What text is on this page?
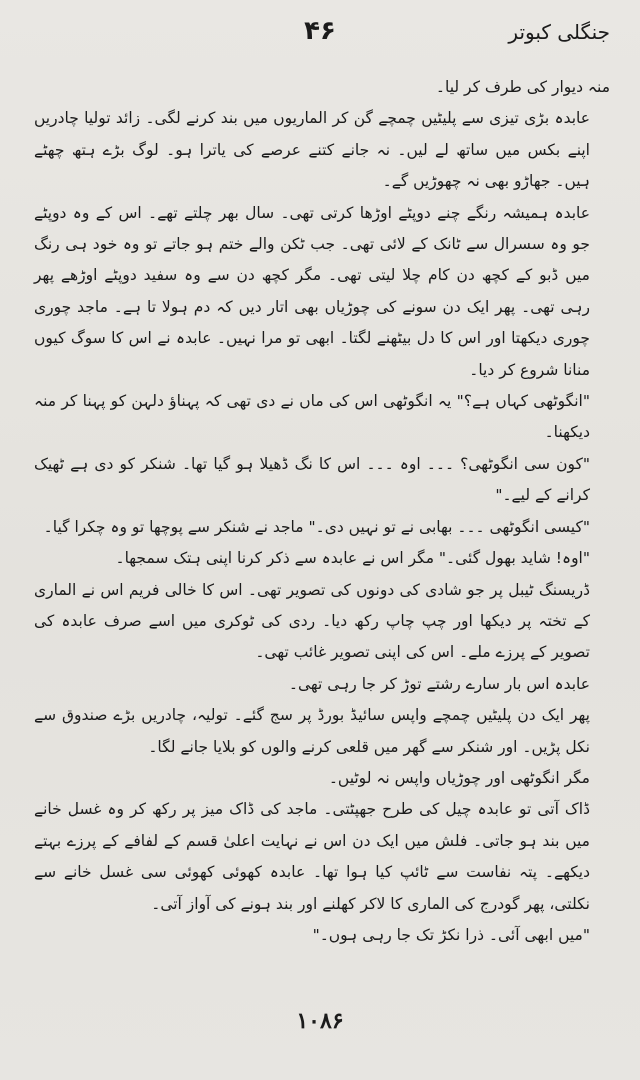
جنگلی کبوتر
۴۶

منہ دیوار کی طرف کر لیا۔

عابدہ بڑی تیزی سے پلیٹیں چمچے گن کر الماریوں میں بند کرنے لگی۔ زائد تولیا چادریں اپنے بکس میں ساتھ لے لیں۔ نہ جانے کتنے عرصے کی یاترا ہو۔ لوگ بڑے ہتھ چھٹے ہیں۔ جھاڑو بھی نہ چھوڑیں گے۔

عابدہ ہمیشہ رنگے چنے دوپٹے اوڑھا کرتی تھی۔ سال بھر چلتے تھے۔ اس کے وہ دوپٹے جو وہ سسرال سے ٹانک کے لائی تھی۔ جب ٹکن والے ختم ہو جاتے تو وہ خود ہی رنگ میں ڈبو کے کچھ دن کام چلا لیتی تھی۔ مگر کچھ دن سے وہ سفید دوپٹے اوڑھے پھر رہی تھی۔ پھر ایک دن سونے کی چوڑیاں بھی اتار دیں کہ دم ہولا تا ہے۔ ماجد چوری چوری دیکھتا اور اس کا دل بیٹھنے لگتا۔ ابھی تو مرا نہیں۔ عابدہ نے اس کا سوگ کیوں منانا شروع کر دیا۔

"انگوٹھی کہاں ہے؟" یہ انگوٹھی اس کی ماں نے دی تھی کہ پہناؤ دلہن کو پہنا کر منہ دیکھنا۔

"کون سی انگوٹھی؟ ۔۔۔ اوہ ۔۔۔ اس کا نگ ڈھیلا ہو گیا تھا۔ شنکر کو دی ہے ٹھیک کرانے کے لیے۔"

"کیسی انگوٹھی ۔۔۔ بھابی نے تو نہیں دی۔" ماجد نے شنکر سے پوچھا تو وہ چکرا گیا۔

"اوہ! شاید بھول گئی۔" مگر اس نے عابدہ سے ذکر کرنا اپنی ہتک سمجھا۔

ڈریسنگ ٹیبل پر جو شادی کی دونوں کی تصویر تھی۔ اس کا خالی فریم اس نے الماری کے تختہ پر دیکھا اور چپ چاپ رکھ دیا۔ ردی کی ٹوکری میں اسے صرف عابدہ کی تصویر کے پرزے ملے۔ اس کی اپنی تصویر غائب تھی۔

عابدہ اس بار سارے رشتے توڑ کر جا رہی تھی۔

پھر ایک دن پلیٹیں چمچے واپس سائیڈ بورڈ پر سج گئے۔ تولیہ، چادریں بڑے صندوق سے نکل پڑیں۔ اور شنکر سے گھر میں قلعی کرنے والوں کو بلایا جانے لگا۔

مگر انگوٹھی اور چوڑیاں واپس نہ لوٹیں۔

ڈاک آتی تو عابدہ چیل کی طرح جھپٹتی۔ ماجد کی ڈاک میز پر رکھ کر وہ غسل خانے میں بند ہو جاتی۔ فلش میں ایک دن اس نے نہایت اعلیٰ قسم کے لفافے کے پرزے بہتے دیکھے۔ پتہ نفاست سے ٹائپ کیا ہوا تھا۔ عابدہ کھوئی کھوئی سی غسل خانے سے نکلتی، پھر گودرج کی الماری کا لاکر کھلنے اور بند ہونے کی آواز آتی۔

"میں ابھی آئی۔ ذرا نکڑ تک جا رہی ہوں۔"

۱۰۸۶
